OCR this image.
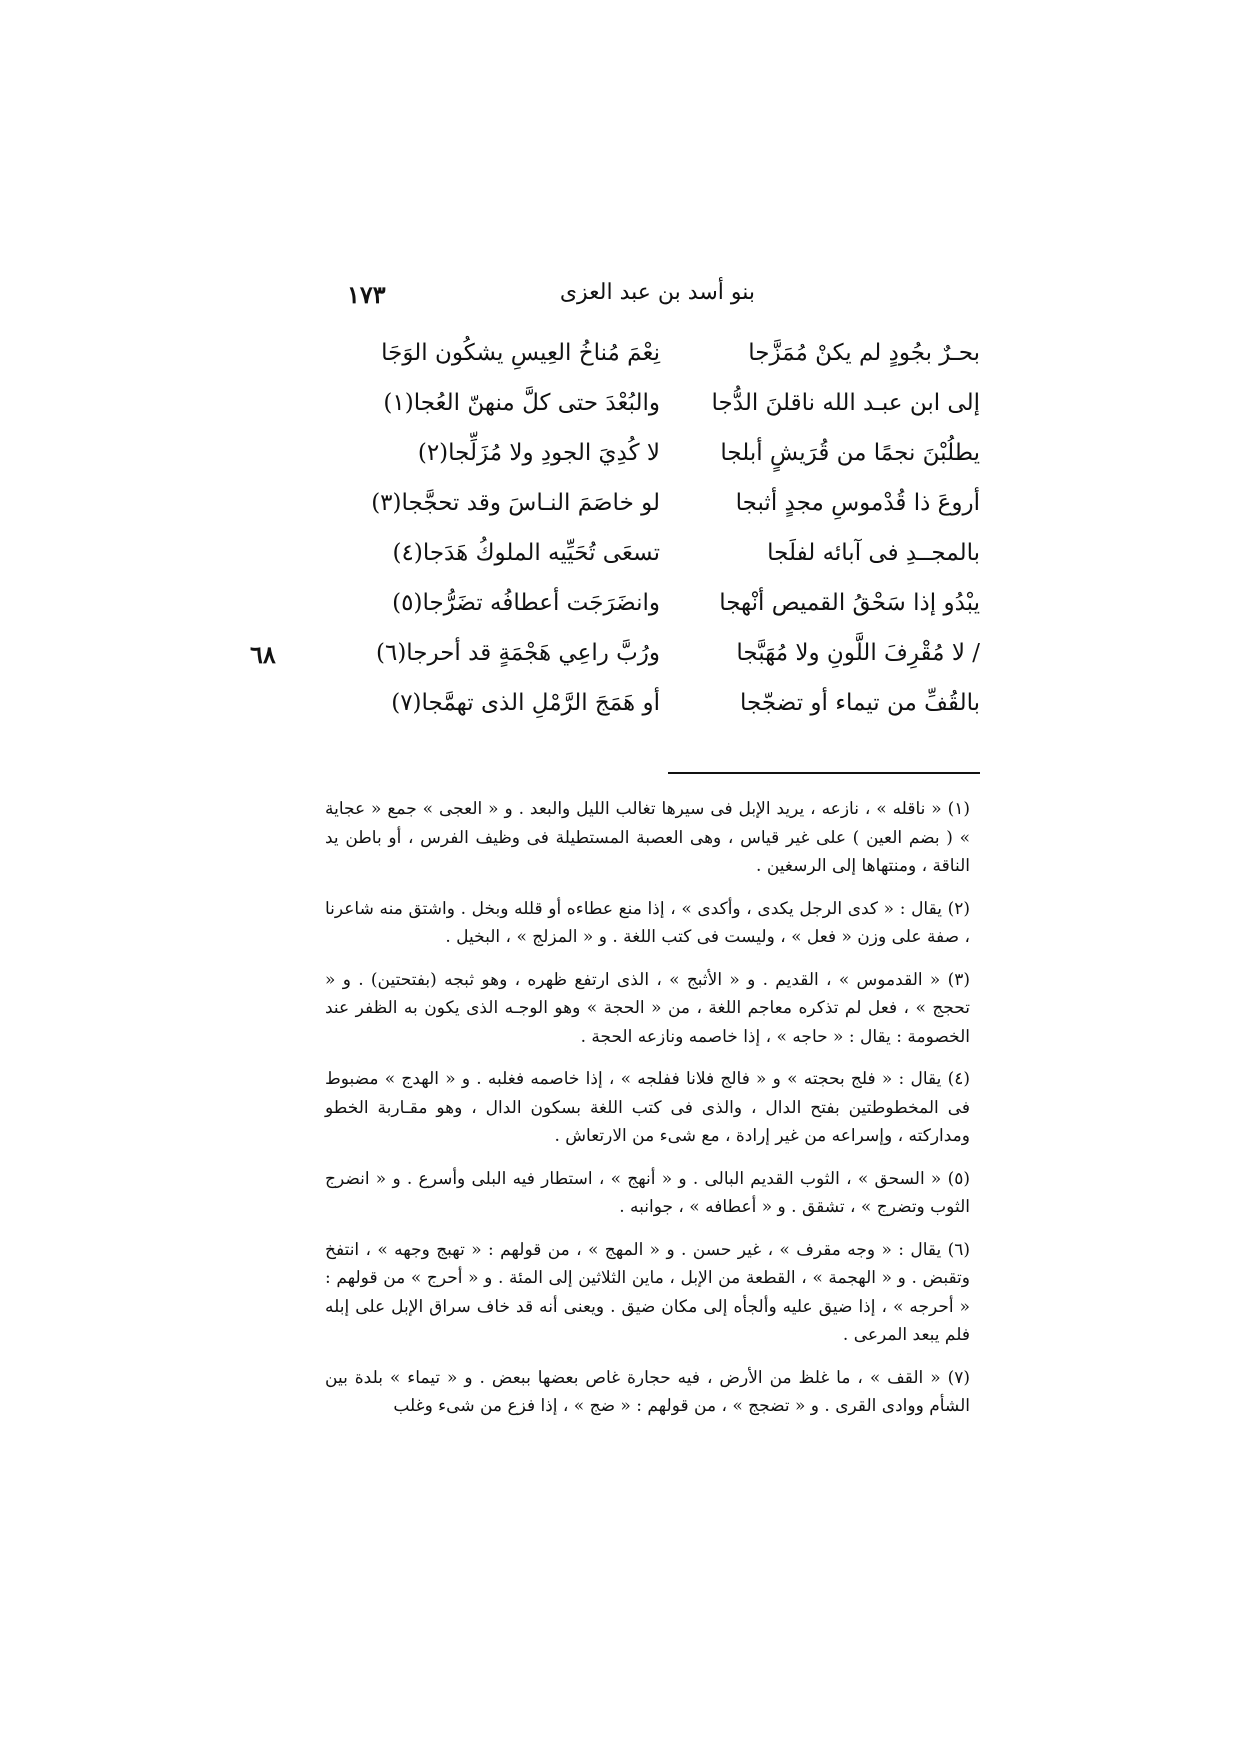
١٧٣	بنو أسد بن عبد العزى
بحـرٌ بجُودٍ لم يكنْ مُمَزَّجا
نِعْمَ مُناخُ العِيسِ يشكُون الوَجَا
إلى ابن عبـد الله ناقلنَ الدُّجا
والبُعْدَ حتى كلَّ منهنّ العُجا(١)
يطلُبْنَ نجمًا من قُرَيشٍ أبلجا
لا كُدِيَ الجودِ ولا مُزَلِّجا(٢)
أروعَ ذا قُدْموسِ مجدٍ أثبجا
لو خاصَمَ النـاسَ وقد تحجَّجا(٣)
بالمجــدِ فى آبائه لفلَجا
تسعَى تُحَيِّيه الملوكُ هَدَجا(٤)
يبْدُو إذا سَحْقُ القميص أنْهجا
وانضَرَجَت أعطافُه تضَرُّجا(٥)
/ لا مُقْرِفَ اللَّونِ ولا مُهَبَّجا
ورُبَّ راعِي هَجْمَةٍ قد أحرجا(٦)
بالقُفِّ من تيماء أو تضجّجا
أو هَمَجَ الرَّمْلِ الذى تهمَّجا(٧)
٦٨

(١) « ناقله » ، نازعه ، يريد الإبل فى سيرها تغالب الليل والبعد . و « العجى » جمع « عجاية » ( بضم العين ) على غير قياس ، وهى العصبة المستطيلة فى وظيف الفرس ، أو باطن يد الناقة ، ومنتهاها إلى الرسغين .

(٢) يقال : « كدى الرجل يكدى ، وأكدى » ، إذا منع عطاءه أو قلله وبخل . واشتق منه شاعرنا ، صفة على وزن « فعل » ، وليست فى كتب اللغة . و « المزلج » ، البخيل .

(٣) « القدموس » ، القديم . و « الأثبج » ، الذى ارتفع ظهره ، وهو ثبجه (بفتحتين) . و « تحجج » ، فعل لم تذكره معاجم اللغة ، من « الحجة » وهو الوجـه الذى يكون به الظفر عند الخصومة : يقال : « حاجه » ، إذا خاصمه ونازعه الحجة .

(٤) يقال : « فلج بحجته » و « فالج فلانا ففلجه » ، إذا خاصمه فغلبه . و « الهدج » مضبوط فى المخطوطتين بفتح الدال ، والذى فى كتب اللغة بسكون الدال ، وهو مقـاربة الخطو ومداركته ، وإسراعه من غير إرادة ، مع شىء من الارتعاش .

(٥) « السحق » ، الثوب القديم البالى . و « أنهج » ، استطار فيه البلى وأسرع . و « انضرج الثوب وتضرج » ، تشقق . و « أعطافه » ، جوانبه .

(٦) يقال : « وجه مقرف » ، غير حسن . و « المهج » ، من قولهم : « تهبج وجهه » ، انتفخ وتقبض . و « الهجمة » ، القطعة من الإبل ، ماين الثلاثين إلى المئة . و « أحرج » من قولهم : « أحرجه » ، إذا ضيق عليه وألجأه إلى مكان ضيق . ويعنى أنه قد خاف سراق الإبل على إبله فلم يبعد المرعى .

(٧) « القف » ، ما غلظ من الأرض ، فيه حجارة غاص بعضها ببعض . و « تيماء » بلدة بين الشأم ووادى القرى . و « تضجج » ، من قولهم : « ضج » ، إذا فزع من شىء وغلب
